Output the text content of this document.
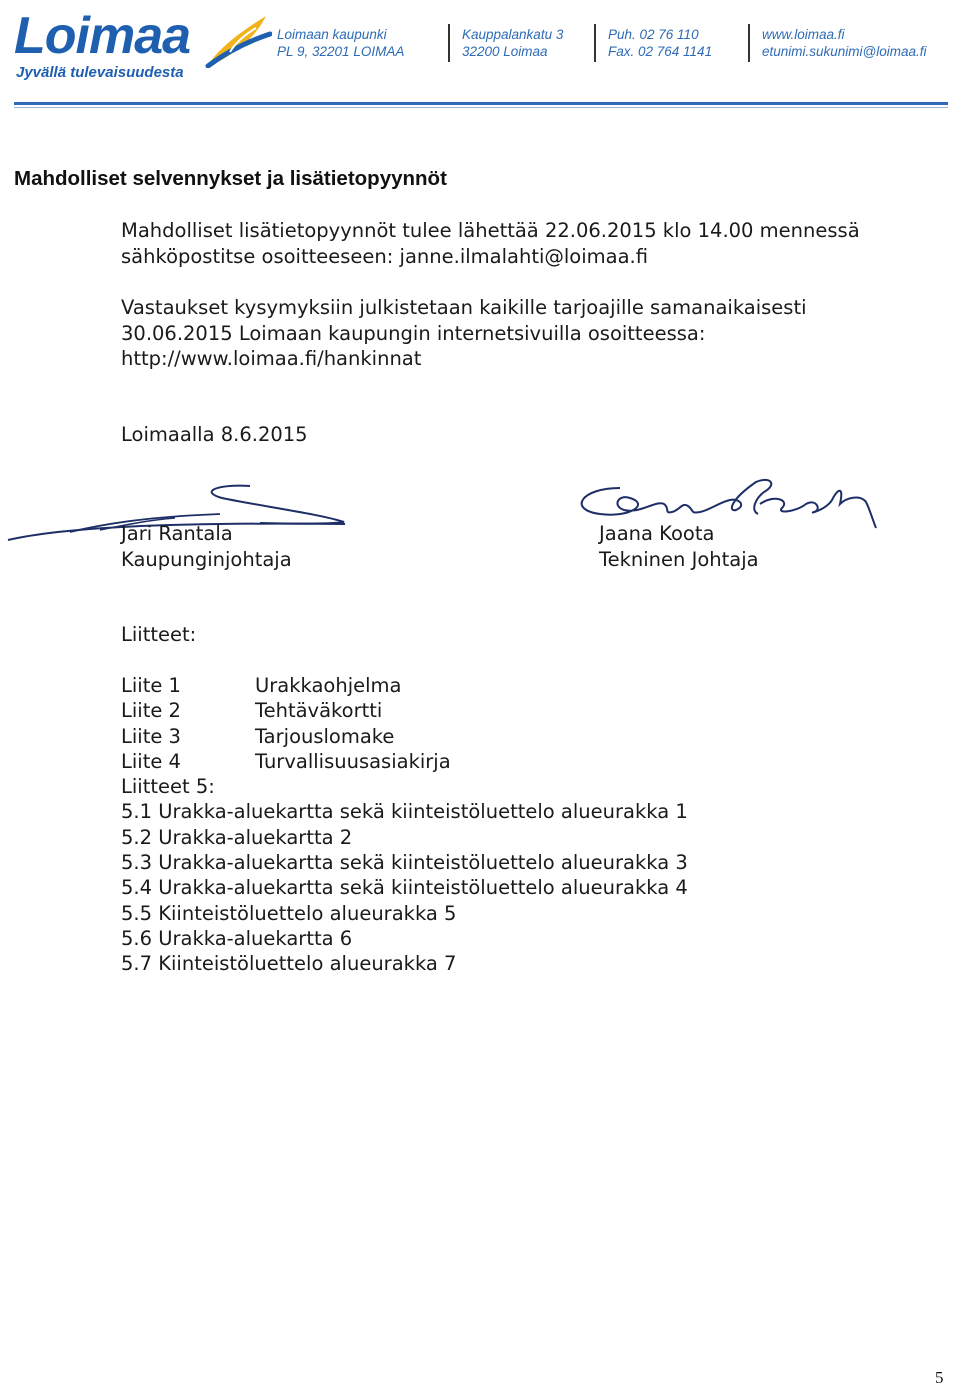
Loimaa
Jyvällä tulevaisuudesta
Loimaan kaupunki
PL 9, 32201 LOIMAA
Kauppalankatu 3
32200 Loimaa
Puh. 02 76 110
Fax. 02 764 1141
www.loimaa.fi
etunimi.sukunimi@loimaa.fi
Mahdolliset selvennykset ja lisätietopyynnöt
Mahdolliset lisätietopyynnöt tulee lähettää 22.06.2015 klo 14.00 mennessä
sähköpostitse osoitteeseen: janne.ilmalahti@loimaa.fi
Vastaukset kysymyksiin julkistetaan kaikille tarjoajille samanaikaisesti
30.06.2015 Loimaan kaupungin internetsivuilla osoitteessa:
http://www.loimaa.fi/hankinnat
Loimaalla 8.6.2015
Jari Rantala
Kaupunginjohtaja
Jaana Koota
Tekninen Johtaja
Liitteet:
Liite 1	Urakkaohjelma
Liite 2	Tehtäväkortti
Liite 3	Tarjouslomake
Liite 4	Turvallisuusasiakirja
Liitteet 5:
5.1 Urakka-aluekartta sekä kiinteistöluettelo alueurakka 1
5.2 Urakka-aluekartta 2
5.3 Urakka-aluekartta sekä kiinteistöluettelo alueurakka 3
5.4 Urakka-aluekartta sekä kiinteistöluettelo alueurakka 4
5.5 Kiinteistöluettelo alueurakka 5
5.6 Urakka-aluekartta 6
5.7 Kiinteistöluettelo alueurakka 7
5
